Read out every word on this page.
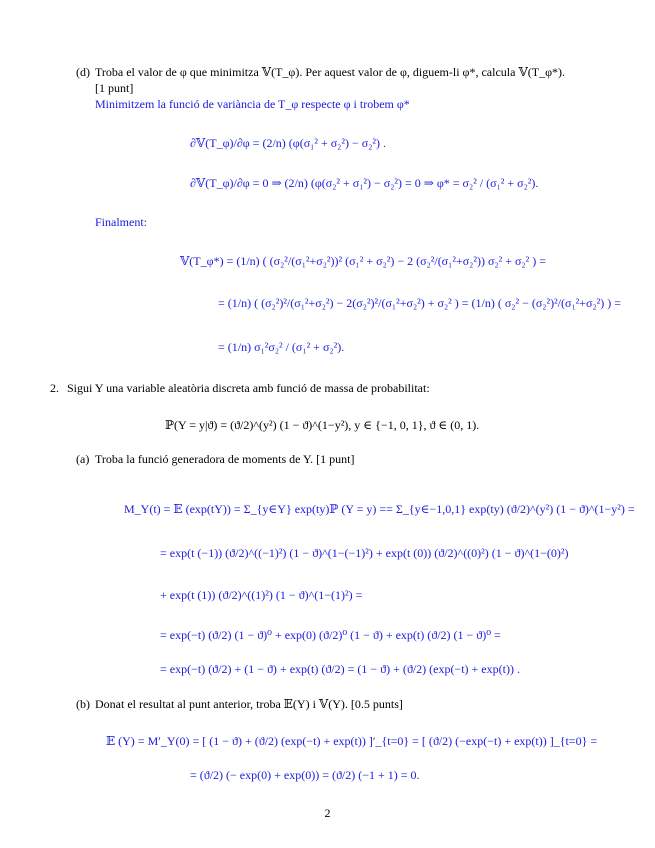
(d) Troba el valor de φ que minimitza 𝕍(T_φ). Per aquest valor de φ, diguem-li φ*, calcula 𝕍(T_φ*).
[1 punt]
Minimitzem la funció de variància de T_φ respecte φ i trobem φ*
∂𝕍(T_φ)/∂φ = (2/n) (φ(σ₁² + σ₂²) − σ₂²) .
∂𝕍(T_φ)/∂φ = 0 ⇒ (2/n) (φ(σ₂² + σ₁²) − σ₂²) = 0 ⇒ φ* = σ₂² / (σ₁² + σ₂²).
Finalment:
𝕍(T_φ*) = (1/n) ( (σ₂²/(σ₁²+σ₂²))² (σ₁² + σ₂²) − 2 (σ₂²/(σ₁²+σ₂²)) σ₂² + σ₂² ) =
= (1/n) ( (σ₂²)²/(σ₁²+σ₂²) − 2(σ₂²)²/(σ₁²+σ₂²) + σ₂² ) = (1/n) ( σ₂² − (σ₂²)²/(σ₁²+σ₂²) ) =
= (1/n) σ₁²σ₂² / (σ₁² + σ₂²).
2. Sigui Y una variable aleatòria discreta amb funció de massa de probabilitat:
ℙ(Y = y|ϑ) = (ϑ/2)^(y²) (1 − ϑ)^(1−y²), y ∈ {−1, 0, 1}, ϑ ∈ (0, 1).
(a) Troba la funció generadora de moments de Y. [1 punt]
M_Y(t) = 𝔼 (exp(tY)) = Σ_{y∈Y} exp(ty)ℙ (Y = y) == Σ_{y∈−1,0,1} exp(ty) (ϑ/2)^(y²) (1 − ϑ)^(1−y²) =
= exp(t (−1)) (ϑ/2)^((−1)²) (1 − ϑ)^(1−(−1)²) + exp(t (0)) (ϑ/2)^((0)²) (1 − ϑ)^(1−(0)²)
+ exp(t (1)) (ϑ/2)^((1)²) (1 − ϑ)^(1−(1)²) =
= exp(−t) (ϑ/2) (1 − ϑ)⁰ + exp(0) (ϑ/2)⁰ (1 − ϑ) + exp(t) (ϑ/2) (1 − ϑ)⁰ =
= exp(−t) (ϑ/2) + (1 − ϑ) + exp(t) (ϑ/2) = (1 − ϑ) + (ϑ/2) (exp(−t) + exp(t)) .
(b) Donat el resultat al punt anterior, troba 𝔼(Y) i 𝕍(Y). [0.5 punts]
𝔼 (Y) = M′_Y(0) = [ (1 − ϑ) + (ϑ/2) (exp(−t) + exp(t)) ]′_{t=0} = [ (ϑ/2) (−exp(−t) + exp(t)) ]_{t=0} =
= (ϑ/2) (− exp(0) + exp(0)) = (ϑ/2) (−1 + 1) = 0.
2
